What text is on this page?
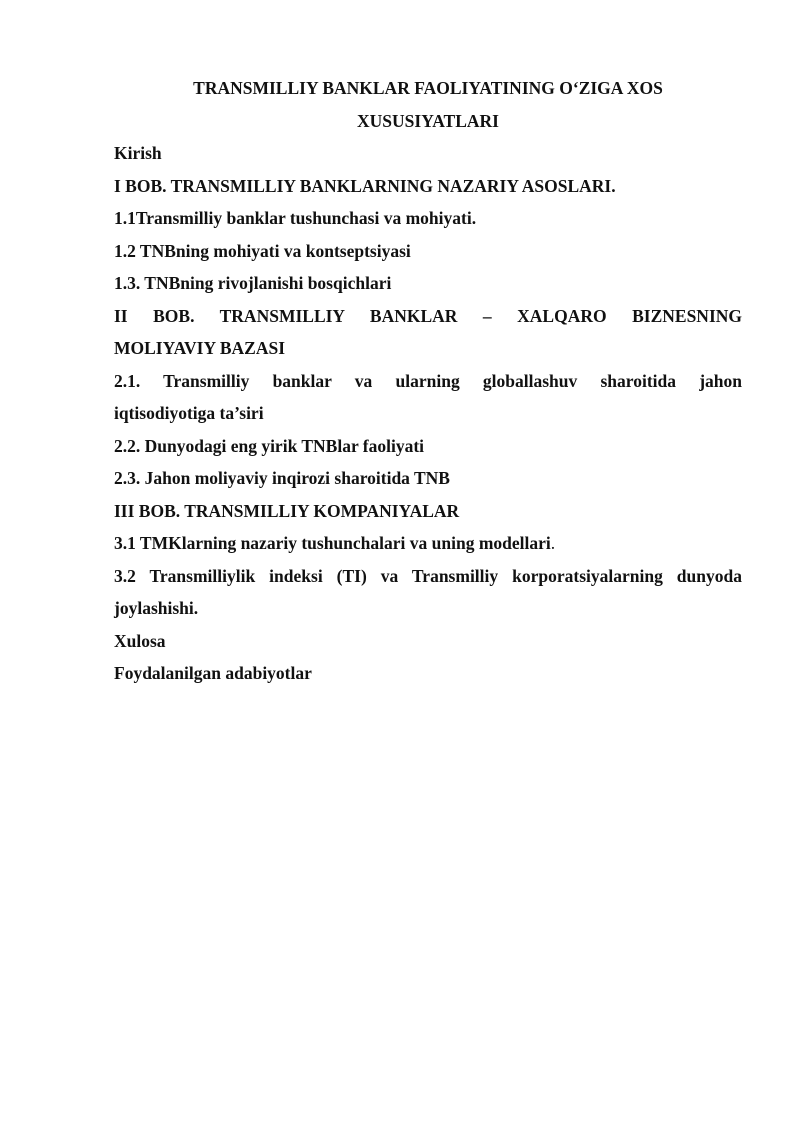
TRANSMILLIY BANKLAR FAOLIYATINING O‘ZIGA XOS
XUSUSIYATLARI
Kirish
I BOB. TRANSMILLIY BANKLARNING NAZARIY ASOSLARI.
1.1Transmilliy banklar tushunchasi va mohiyati.
1.2 TNBning mohiyati va kontseptsiyasi
1.3. TNBning rivojlanishi bosqichlari
II BOB. TRANSMILLIY BANKLAR – XALQARO BIZNESNING
MOLIYAVIY BAZASI
2.1. Transmilliy banklar va ularning globallashuv sharoitida jahon
iqtisodiyotiga ta’siri
2.2. Dunyodagi eng yirik TNBlar faoliyati
2.3. Jahon moliyaviy inqirozi sharoitida TNB
III BOB. TRANSMILLIY KOMPANIYALAR
3.1 TMKlarning nazariy tushunchalari va uning modellari.
3.2 Transmilliylik indeksi (TI) va Transmilliy korporatsiyalarning dunyoda
joylashishi.
Xulosa
Foydalanilgan adabiyotlar
